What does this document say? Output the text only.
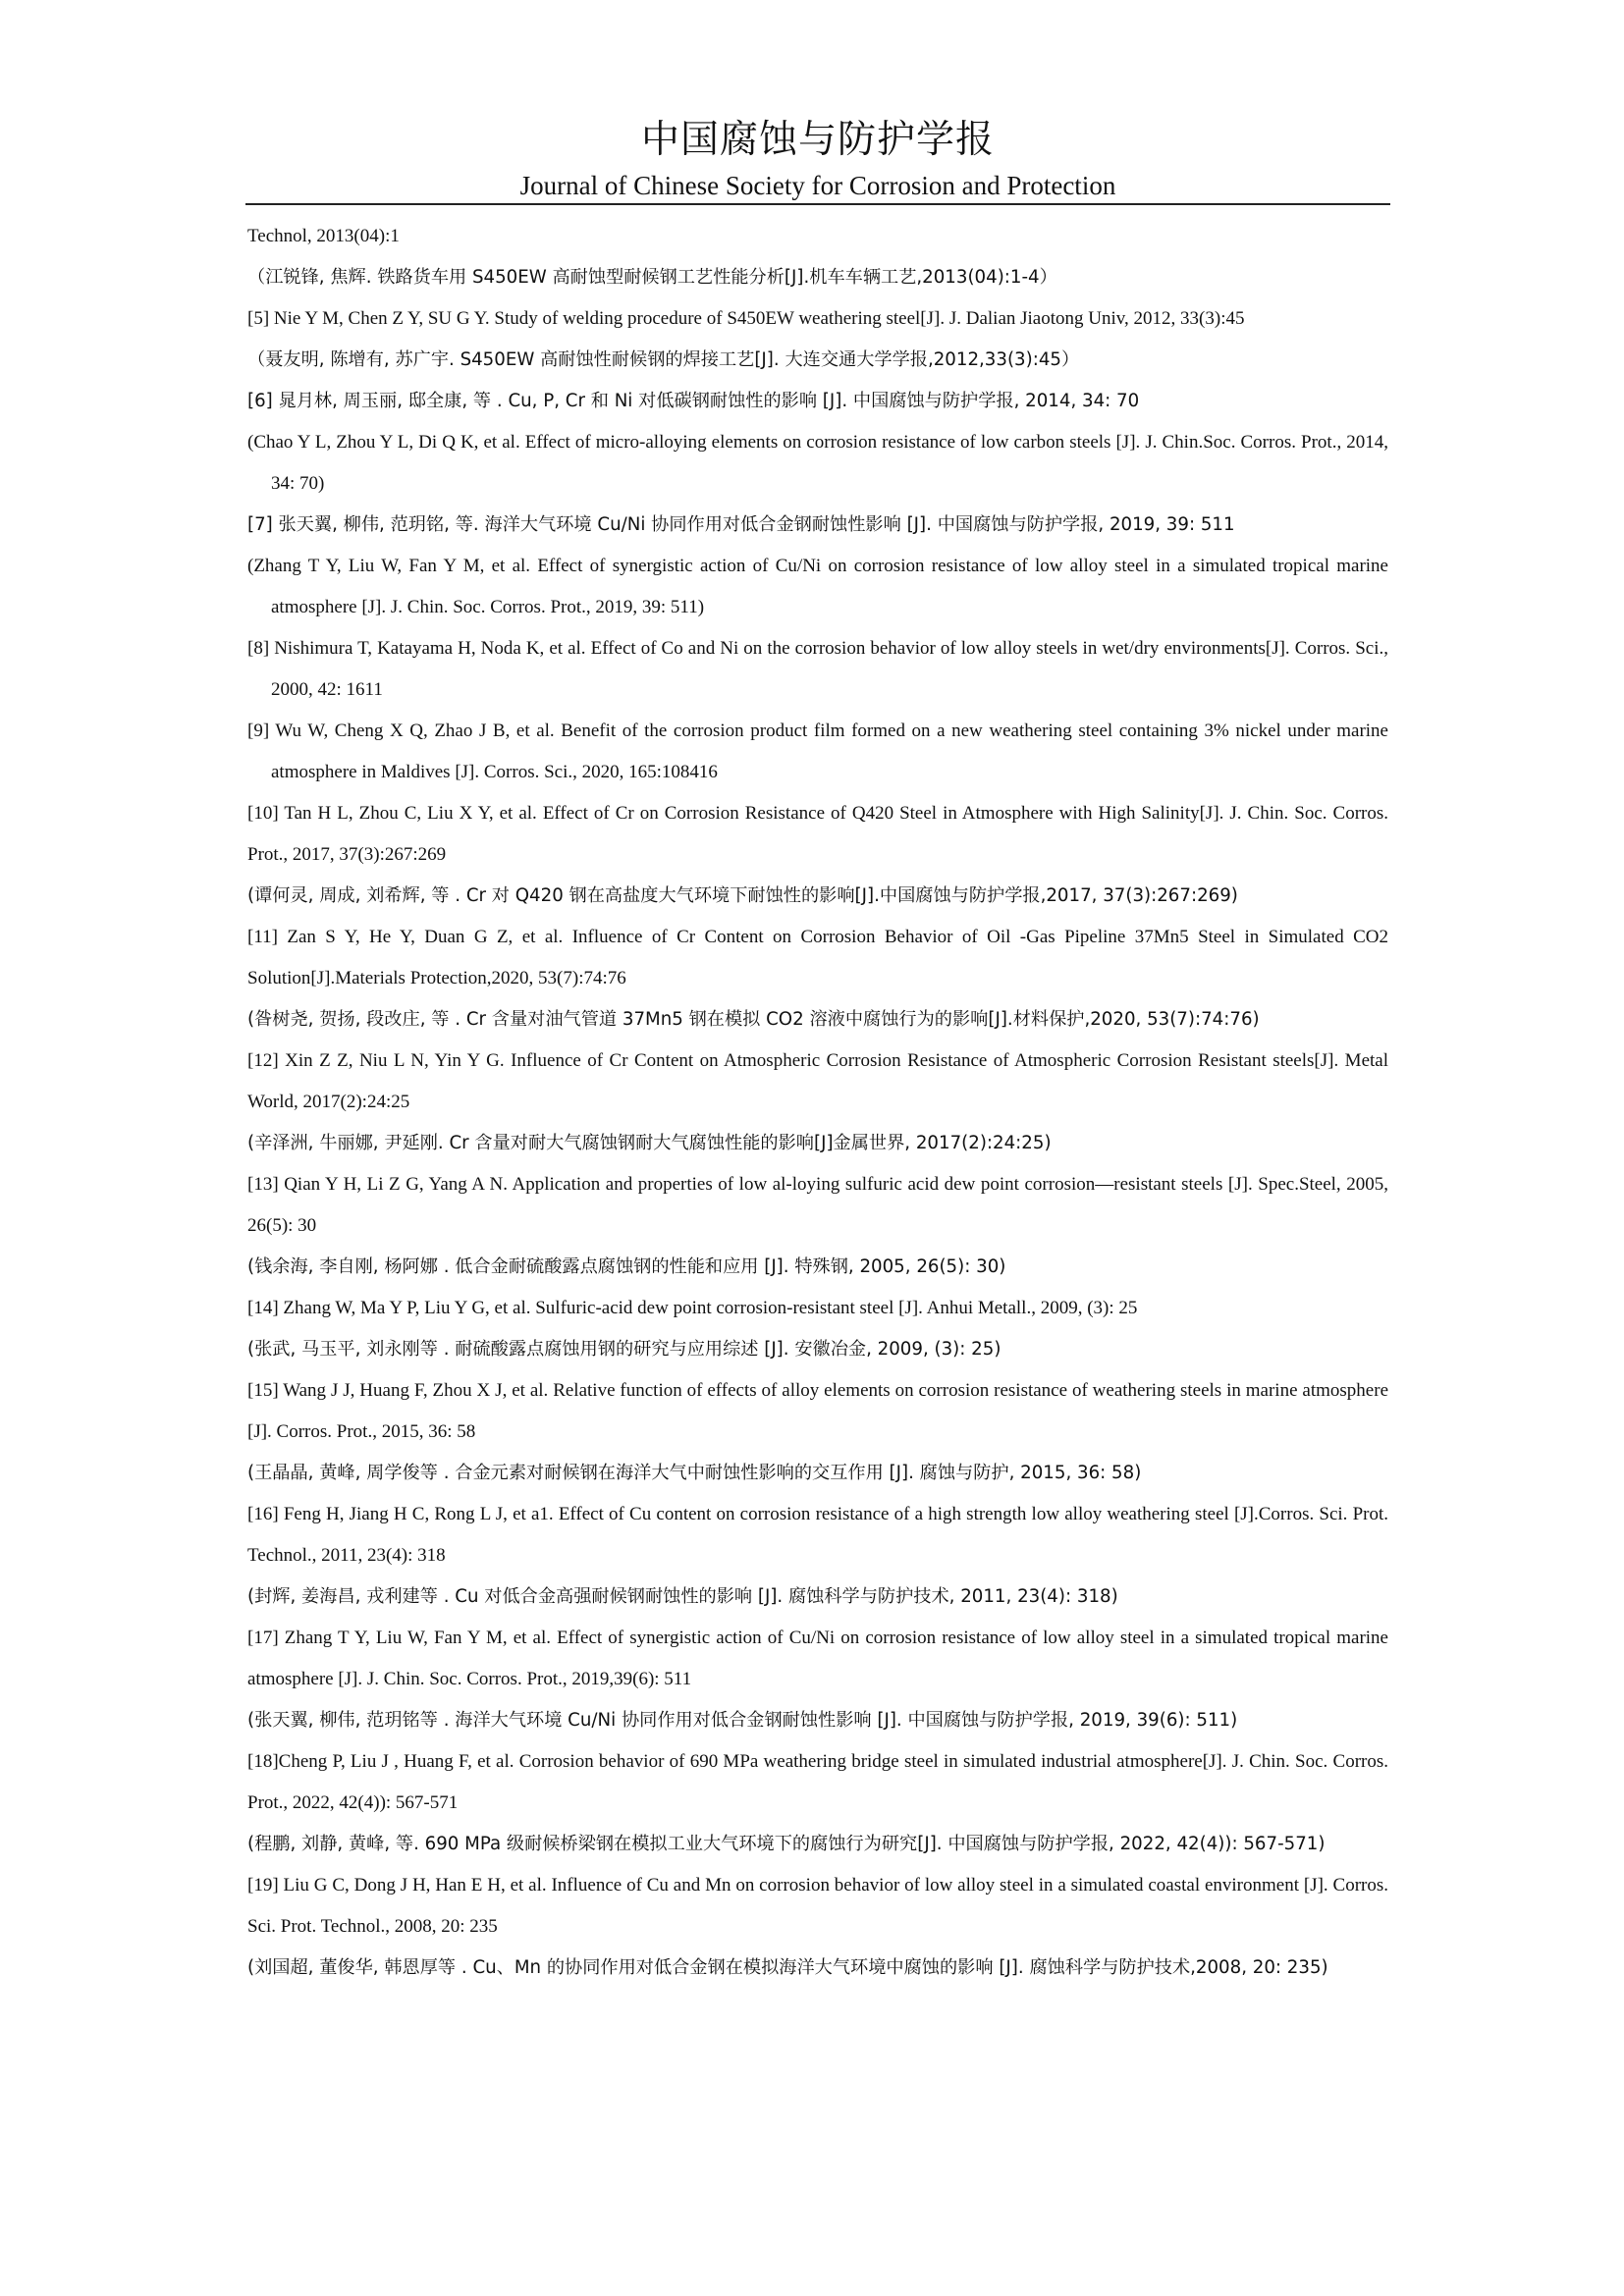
中国腐蚀与防护学报
Journal of Chinese Society for Corrosion and Protection

Technol, 2013(04):1

（江锐锋, 焦辉. 铁路货车用 S450EW 高耐蚀型耐候钢工艺性能分析[J].机车车辆工艺,2013(04):1-4）

[5] Nie Y M, Chen Z Y, SU G Y. Study of welding procedure of S450EW weathering steel[J]. J. Dalian Jiaotong Univ, 2012, 33(3):45

（聂友明, 陈增有, 苏广宇. S450EW 高耐蚀性耐候钢的焊接工艺[J]. 大连交通大学学报,2012,33(3):45）

[6] 晁月林, 周玉丽, 邸全康, 等 . Cu, P, Cr 和 Ni 对低碳钢耐蚀性的影响 [J]. 中国腐蚀与防护学报, 2014, 34: 70

(Chao Y L, Zhou Y L, Di Q K, et al. Effect of micro-alloying elements on corrosion resistance of low carbon steels [J]. J. Chin.Soc. Corros. Prot., 2014, 34: 70)

[7] 张天翼, 柳伟, 范玥铭, 等. 海洋大气环境 Cu/Ni 协同作用对低合金钢耐蚀性影响 [J]. 中国腐蚀与防护学报, 2019, 39: 511

(Zhang T Y, Liu W, Fan Y M, et al. Effect of synergistic action of Cu/Ni on corrosion resistance of low alloy steel in a simulated tropical marine atmosphere [J]. J. Chin. Soc. Corros. Prot., 2019, 39: 511)

[8] Nishimura T, Katayama H, Noda K, et al. Effect of Co and Ni on the corrosion behavior of low alloy steels in wet/dry environments[J]. Corros. Sci., 2000, 42: 1611

[9] Wu W, Cheng X Q, Zhao J B, et al. Benefit of the corrosion product film formed on a new weathering steel containing 3% nickel under marine atmosphere in Maldives [J]. Corros. Sci., 2020, 165:108416

[10] Tan H L, Zhou C, Liu X Y, et al. Effect of Cr on Corrosion Resistance of Q420 Steel in Atmosphere with High Salinity[J]. J. Chin. Soc. Corros. Prot., 2017, 37(3):267:269

(谭何灵, 周成, 刘希辉, 等 . Cr 对 Q420 钢在高盐度大气环境下耐蚀性的影响[J].中国腐蚀与防护学报,2017, 37(3):267:269)

[11] Zan S Y, He Y, Duan G Z, et al. Influence of Cr Content on Corrosion Behavior of Oil -Gas Pipeline 37Mn5 Steel in Simulated CO2 Solution[J].Materials Protection,2020, 53(7):74:76

(昝树尧, 贺扬, 段改庄, 等 . Cr 含量对油气管道 37Mn5 钢在模拟 CO2 溶液中腐蚀行为的影响[J].材料保护,2020, 53(7):74:76)

[12] Xin Z Z, Niu L N, Yin Y G. Influence of Cr Content on Atmospheric Corrosion Resistance of Atmospheric Corrosion Resistant steels[J]. Metal World, 2017(2):24:25

(辛泽洲, 牛丽娜, 尹延刚. Cr 含量对耐大气腐蚀钢耐大气腐蚀性能的影响[J]金属世界, 2017(2):24:25)

[13] Qian Y H, Li Z G, Yang A N. Application and properties of low al‐loying sulfuric acid dew point corrosion—resistant steels [J]. Spec.Steel, 2005, 26(5): 30

(钱余海, 李自刚, 杨阿娜 . 低合金耐硫酸露点腐蚀钢的性能和应用 [J]. 特殊钢, 2005, 26(5): 30)

[14] Zhang W, Ma Y P, Liu Y G, et al. Sulfuric-acid dew point corrosion-resistant steel [J]. Anhui Metall., 2009, (3): 25

(张武, 马玉平, 刘永刚等 . 耐硫酸露点腐蚀用钢的研究与应用综述 [J]. 安徽冶金, 2009, (3): 25)

[15] Wang J J, Huang F, Zhou X J, et al. Relative function of effects of alloy elements on corrosion resistance of weathering steels in marine atmosphere [J]. Corros. Prot., 2015, 36: 58

(王晶晶, 黄峰, 周学俊等 . 合金元素对耐候钢在海洋大气中耐蚀性影响的交互作用 [J]. 腐蚀与防护, 2015, 36: 58)

[16] Feng H, Jiang H C, Rong L J, et a1. Effect of Cu content on corrosion resistance of a high strength low alloy weathering steel [J].Corros. Sci. Prot. Technol., 2011, 23(4): 318

(封辉, 姜海昌, 戎利建等 . Cu 对低合金高强耐候钢耐蚀性的影响 [J]. 腐蚀科学与防护技术, 2011, 23(4): 318)

[17] Zhang T Y, Liu W, Fan Y M, et al. Effect of synergistic action of Cu/Ni on corrosion resistance of low alloy steel in a simulated tropical marine atmosphere [J]. J. Chin. Soc. Corros. Prot., 2019,39(6): 511

(张天翼, 柳伟, 范玥铭等 . 海洋大气环境 Cu/Ni 协同作用对低合金钢耐蚀性影响 [J]. 中国腐蚀与防护学报, 2019, 39(6): 511)

[18]Cheng P, Liu J , Huang F, et al. Corrosion behavior of 690 MPa weathering bridge steel in simulated industrial atmosphere[J]. J. Chin. Soc. Corros. Prot., 2022, 42(4)): 567-571

(程鹏, 刘静, 黄峰, 等. 690 MPa 级耐候桥梁钢在模拟工业大气环境下的腐蚀行为研究[J]. 中国腐蚀与防护学报, 2022, 42(4)): 567-571)

[19] Liu G C, Dong J H, Han E H, et al. Influence of Cu and Mn on corrosion behavior of low alloy steel in a simulated coastal environment [J]. Corros. Sci. Prot. Technol., 2008, 20: 235

(刘国超, 董俊华, 韩恩厚等 . Cu、Mn 的协同作用对低合金钢在模拟海洋大气环境中腐蚀的影响 [J]. 腐蚀科学与防护技术,2008, 20: 235)
